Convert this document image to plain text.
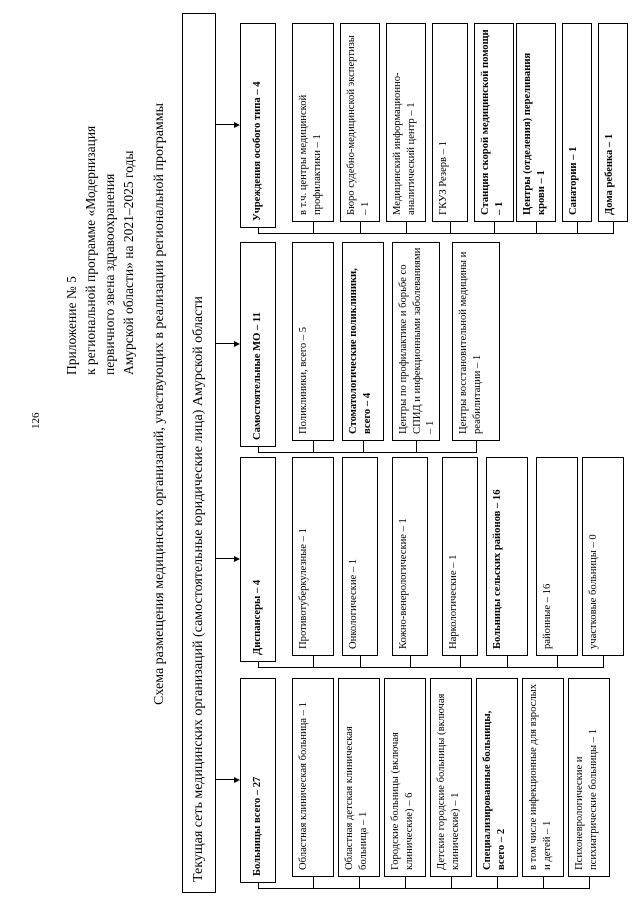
126
Приложение № 5 к региональной программе «Модернизация первичного звена здравоохранения Амурской области» на 2021–2025 годы Схема размещения медицинских организаций, участвующих в реализации региональной программы Текущая сеть медицинских организаций (самостоятельные юридические лица) Амурской области	Больницы всего – 27	Областная клиническая больница – 1	Областная детская клиническая больница – 1 Городские больницы (включая клинические) – 6 Детские городские больницы (включая клинические) – 1 Специализированные больницы, всего – 2 в том числе инфекционные для взрослых и детей – 1 Психоневрологические и психиатрические больницы – 1
Диспансеры – 4	Противотуберкулезные – 1	Онкологические – 1	Кожно-венерологические – 1	Наркологические – 1	Больницы сельских районов – 16	районные – 16	участковые больницы – 0
Самостоятельные МО – 11	Поликлиники, всего – 5	Стоматологические поликлиники, всего – 4 Центры по профилактике и борьбе со СПИД и инфекционными заболеваниями – 1 Центры восстановительной медицины и реабилитации – 1
Учреждения особого типа – 4	в т.ч. центры медицинской профилактики – 1 Бюро судебно-медицинской экспертизы – 1 Медицинский информационно-аналитический центр – 1 ГКУЗ Резерв – 1	Станция скорой медицинской помощи – 1 Центры (отделения) переливания крови – 1 Санатории – 1 Дома ребенка – 1
